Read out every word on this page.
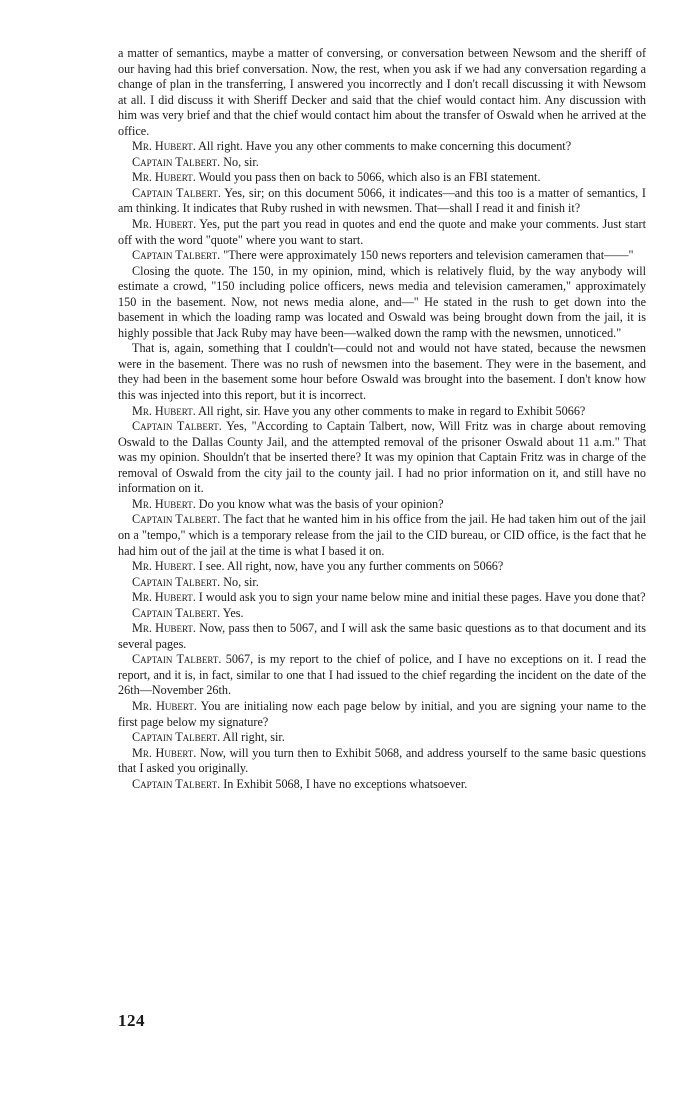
a matter of semantics, maybe a matter of conversing, or conversation between Newsom and the sheriff of our having had this brief conversation. Now, the rest, when you ask if we had any conversation regarding a change of plan in the transferring, I answered you incorrectly and I don't recall discussing it with Newsom at all. I did discuss it with Sheriff Decker and said that the chief would contact him. Any discussion with him was very brief and that the chief would contact him about the transfer of Oswald when he arrived at the office.

Mr. Hubert. All right. Have you any other comments to make concerning this document?

Captain Talbert. No, sir.

Mr. Hubert. Would you pass then on back to 5066, which also is an FBI statement.

Captain Talbert. Yes, sir; on this document 5066, it indicates—and this too is a matter of semantics, I am thinking. It indicates that Ruby rushed in with newsmen. That—shall I read it and finish it?

Mr. Hubert. Yes, put the part you read in quotes and end the quote and make your comments. Just start off with the word "quote" where you want to start.

Captain Talbert. "There were approximately 150 news reporters and television cameramen that——"

Closing the quote. The 150, in my opinion, mind, which is relatively fluid, by the way anybody will estimate a crowd, "150 including police officers, news media and television cameramen," approximately 150 in the basement. Now, not news media alone, and—" He stated in the rush to get down into the basement in which the loading ramp was located and Oswald was being brought down from the jail, it is highly possible that Jack Ruby may have been—walked down the ramp with the newsmen, unnoticed."

That is, again, something that I couldn't—could not and would not have stated, because the newsmen were in the basement. There was no rush of newsmen into the basement. They were in the basement, and they had been in the basement some hour before Oswald was brought into the basement. I don't know how this was injected into this report, but it is incorrect.

Mr. Hubert. All right, sir. Have you any other comments to make in regard to Exhibit 5066?

Captain Talbert. Yes, "According to Captain Talbert, now, Will Fritz was in charge about removing Oswald to the Dallas County Jail, and the attempted removal of the prisoner Oswald about 11 a.m." That was my opinion. Shouldn't that be inserted there? It was my opinion that Captain Fritz was in charge of the removal of Oswald from the city jail to the county jail. I had no prior information on it, and still have no information on it.

Mr. Hubert. Do you know what was the basis of your opinion?

Captain Talbert. The fact that he wanted him in his office from the jail. He had taken him out of the jail on a "tempo," which is a temporary release from the jail to the CID bureau, or CID office, is the fact that he had him out of the jail at the time is what I based it on.

Mr. Hubert. I see. All right, now, have you any further comments on 5066?

Captain Talbert. No, sir.

Mr. Hubert. I would ask you to sign your name below mine and initial these pages. Have you done that?

Captain Talbert. Yes.

Mr. Hubert. Now, pass then to 5067, and I will ask the same basic questions as to that document and its several pages.

Captain Talbert. 5067, is my report to the chief of police, and I have no exceptions on it. I read the report, and it is, in fact, similar to one that I had issued to the chief regarding the incident on the date of the 26th—November 26th.

Mr. Hubert. You are initialing now each page below by initial, and you are signing your name to the first page below my signature?

Captain Talbert. All right, sir.

Mr. Hubert. Now, will you turn then to Exhibit 5068, and address yourself to the same basic questions that I asked you originally.

Captain Talbert. In Exhibit 5068, I have no exceptions whatsoever.

124
